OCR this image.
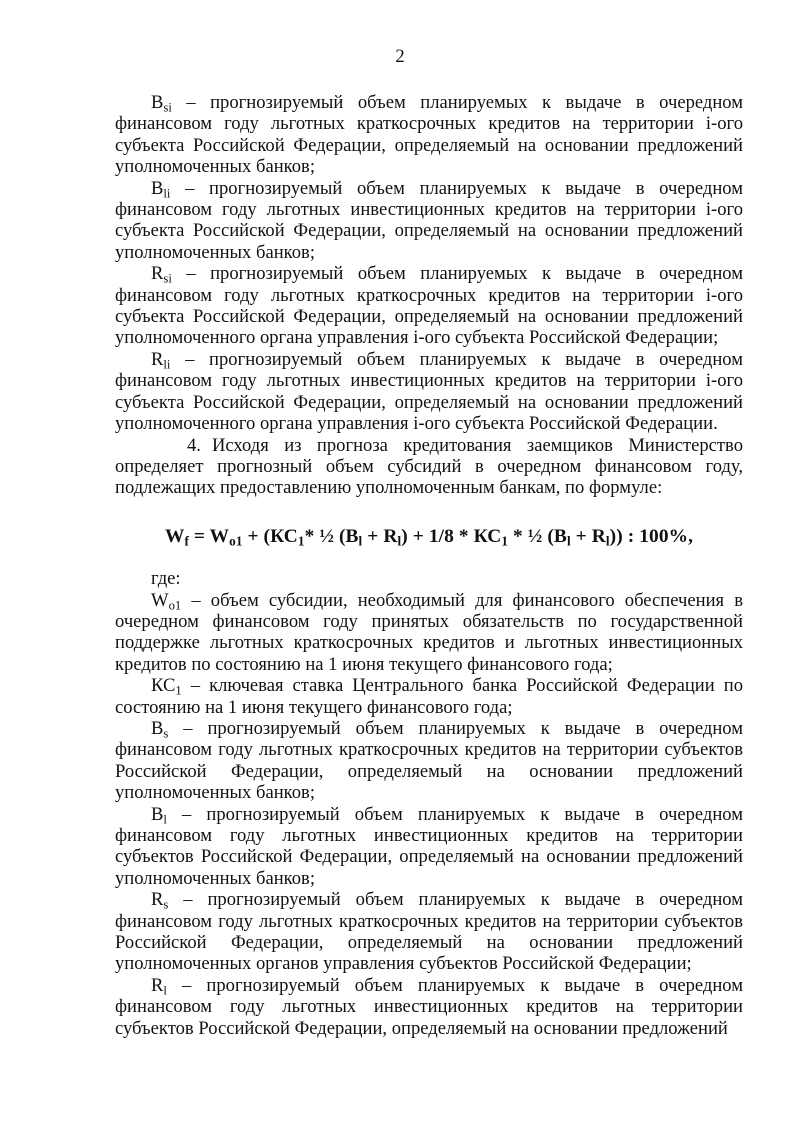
2

$B_{si}$ – прогнозируемый объем планируемых к выдаче в очередном финансовом году льготных краткосрочных кредитов на территории i-ого субъекта Российской Федерации, определяемый на основании предложений уполномоченных банков;

$B_{li}$ – прогнозируемый объем планируемых к выдаче в очередном финансовом году льготных инвестиционных кредитов на территории i-ого субъекта Российской Федерации, определяемый на основании предложений уполномоченных банков;

$R_{si}$ – прогнозируемый объем планируемых к выдаче в очередном финансовом году льготных краткосрочных кредитов на территории i-ого субъекта Российской Федерации, определяемый на основании предложений уполномоченного органа управления i-ого субъекта Российской Федерации;

$R_{li}$ – прогнозируемый объем планируемых к выдаче в очередном финансовом году льготных инвестиционных кредитов на территории i-ого субъекта Российской Федерации, определяемый на основании предложений уполномоченного органа управления i-ого субъекта Российской Федерации.

4. Исходя из прогноза кредитования заемщиков Министерство определяет прогнозный объем субсидий в очередном финансовом году, подлежащих предоставлению уполномоченным банкам, по формуле:

$W_f = W_{o1} + (КС_1*$ ½ $(B_l + R_l) + 1/8 * КС_1$ * ½ $(B_l + R_l)$) : 100%,

где:

$W_{o1}$ – объем субсидии, необходимый для финансового обеспечения в очередном финансовом году принятых обязательств по государственной поддержке льготных краткосрочных кредитов и льготных инвестиционных кредитов по состоянию на 1 июня текущего финансового года;

$КС_1$ – ключевая ставка Центрального банка Российской Федерации по состоянию на 1 июня текущего финансового года;

$B_s$ – прогнозируемый объем планируемых к выдаче в очередном финансовом году льготных краткосрочных кредитов на территории субъектов Российской Федерации, определяемый на основании предложений уполномоченных банков;

$B_l$ – прогнозируемый объем планируемых к выдаче в очередном финансовом году льготных инвестиционных кредитов на территории субъектов Российской Федерации, определяемый на основании предложений уполномоченных банков;

$R_s$ – прогнозируемый объем планируемых к выдаче в очередном финансовом году льготных краткосрочных кредитов на территории субъектов Российской Федерации, определяемый на основании предложений уполномоченных органов управления субъектов Российской Федерации;

$R_l$ – прогнозируемый объем планируемых к выдаче в очередном финансовом году льготных инвестиционных кредитов на территории субъектов Российской Федерации, определяемый на основании предложений
